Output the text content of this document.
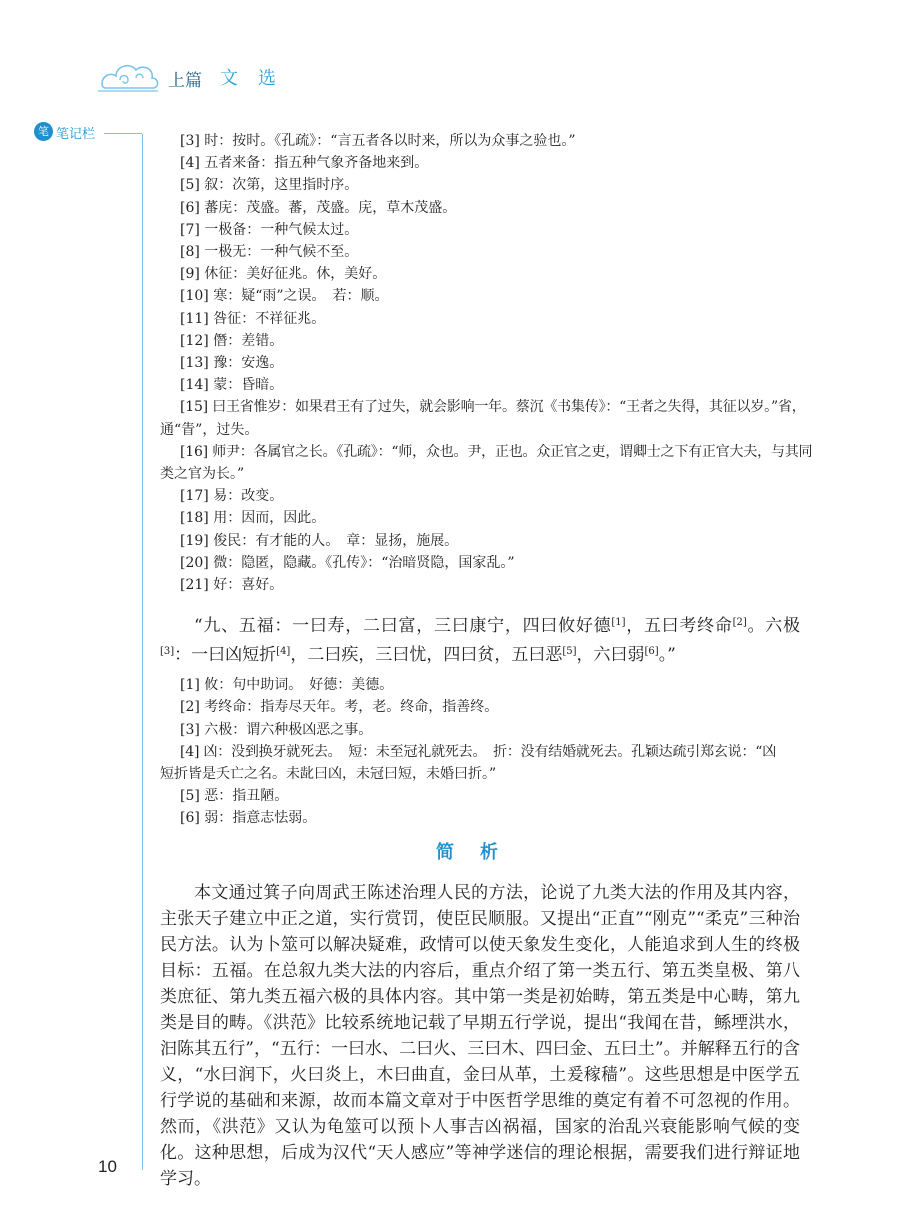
上篇 文选
笔 笔记栏	[3] 时：按时。《孔疏》：“言五者各以时来，所以为众事之验也。”

[4] 五者来备：指五种气象齐备地来到。

[5] 叙：次第，这里指时序。

[6] 蕃庑：茂盛。蕃，茂盛。庑，草木茂盛。

[7] 一极备：一种气候太过。

[8] 一极无：一种气候不至。

[9] 休征：美好征兆。休，美好。

[10] 寒：疑“雨”之误。　若：顺。

[11] 咎征：不祥征兆。

[12] 僭：差错。

[13] 豫：安逸。

[14] 蒙：昏暗。

[15] 曰王省惟岁：如果君王有了过失，就会影响一年。蔡沉《书集传》：“王者之失得，其征以岁。”省，

通“眚”，过失。

[16] 师尹：各属官之长。《孔疏》：“师，众也。尹，正也。众正官之吏，谓卿士之下有正官大夫，与其同

类之官为长。”

[17] 易：改变。

[18] 用：因而，因此。

[19] 俊民：有才能的人。　章：显扬，施展。

[20] 微：隐匿，隐藏。《孔传》：“治暗贤隐，国家乱。”

[21] 好：喜好。

“九、五福：一曰寿，二曰富，三曰康宁，四曰攸好德[1]，五曰考终命[2]。六极[3]：一曰凶短折[4]，二曰疾，三曰忧，四曰贫，五曰恶[5]，六曰弱[6]。”

[1] 攸：句中助词。　好德：美德。

[2] 考终命：指寿尽天年。考，老。终命，指善终。

[3] 六极：谓六种极凶恶之事。

[4] 凶：没到换牙就死去。　短：未至冠礼就死去。　折：没有结婚就死去。孔颖达疏引郑玄说：“凶

短折皆是夭亡之名。未龀曰凶，未冠曰短，未婚曰折。”

[5] 恶：指丑陋。

[6] 弱：指意志怯弱。

简析

本文通过箕子向周武王陈述治理人民的方法，论说了九类大法的作用及其内容，主张天子建立中正之道，实行赏罚，使臣民顺服。又提出“正直”“刚克”“柔克”三种治民方法。认为卜筮可以解决疑难，政情可以使天象发生变化，人能追求到人生的终极目标：五福。在总叙九类大法的内容后，重点介绍了第一类五行、第五类皇极、第八类庶征、第九类五福六极的具体内容。其中第一类是初始畴，第五类是中心畴，第九类是目的畴。《洪范》比较系统地记载了早期五行学说，提出“我闻在昔，鲧堙洪水，汩陈其五行”，“五行：一曰水、二曰火、三曰木、四曰金、五曰土”。并解释五行的含义，“水曰润下，火曰炎上，木曰曲直，金曰从革，土爰稼穑”。这些思想是中医学五行学说的基础和来源，故而本篇文章对于中医哲学思维的奠定有着不可忽视的作用。然而，《洪范》又认为龟筮可以预卜人事吉凶祸福，国家的治乱兴衰能影响气候的变化。这种思想，后成为汉代“天人感应”等神学迷信的理论根据，需要我们进行辩证地学习。

10
